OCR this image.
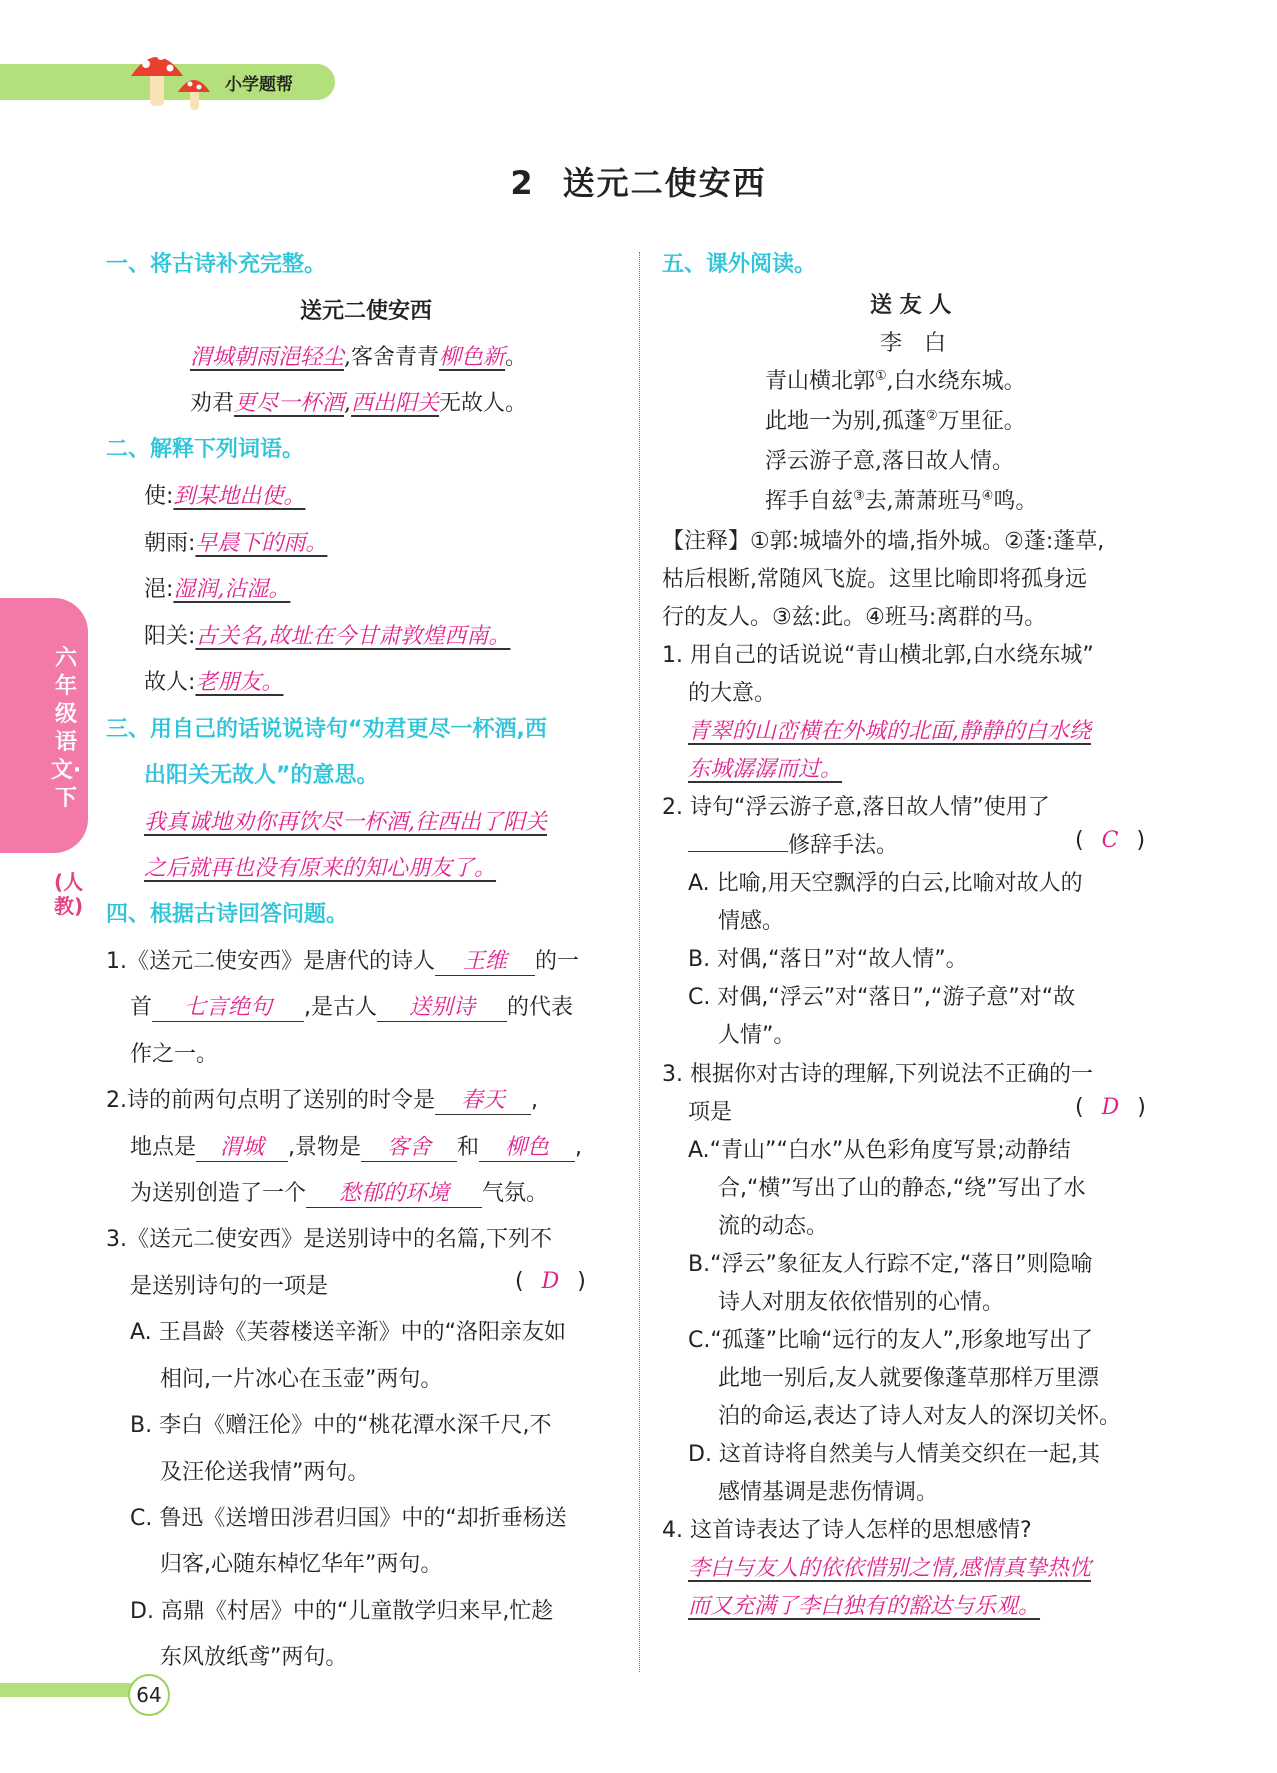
小学题帮
2 送元二使安西
六年级语文·下
(人教)
一、将古诗补充完整。
送元二使安西
渭城朝雨浥轻尘,客舍青青柳色新。
劝君更尽一杯酒,西出阳关无故人。
二、解释下列词语。
使:到某地出使。
朝雨:早晨下的雨。
浥:湿润,沾湿。
阳关:古关名,故址在今甘肃敦煌西南。
故人:老朋友。
三、用自己的话说说诗句“劝君更尽一杯酒,西
出阳关无故人”的意思。
我真诚地劝你再饮尽一杯酒,往西出了阳关
之后就再也没有原来的知心朋友了。
四、根据古诗回答问题。
1.《送元二使安西》是唐代的诗人 王维 的一
首 七言绝句 ,是古人 送别诗 的代表
作之一。
2.诗的前两句点明了送别的时令是 春天 ,
地点是 渭城 ,景物是 客舍 和 柳色 ,
为送别创造了一个 愁郁的环境 气氛。
3.《送元二使安西》是送别诗中的名篇,下列不
是送别诗句的一项是	( D )
A. 王昌龄《芙蓉楼送辛渐》中的“洛阳亲友如
相问,一片冰心在玉壶”两句。
B. 李白《赠汪伦》中的“桃花潭水深千尺,不
及汪伦送我情”两句。
C. 鲁迅《送增田涉君归国》中的“却折垂杨送
归客,心随东棹忆华年”两句。
D. 高鼎《村居》中的“儿童散学归来早,忙趁
东风放纸鸢”两句。
五、课外阅读。
送 友 人
李　白
青山横北郭①,白水绕东城。
此地一为别,孤蓬②万里征。
浮云游子意,落日故人情。
挥手自兹③去,萧萧班马④鸣。
【注释】①郭:城墙外的墙,指外城。②蓬:蓬草,
枯后根断,常随风飞旋。这里比喻即将孤身远
行的友人。③兹:此。④班马:离群的马。
1. 用自己的话说说“青山横北郭,白水绕东城”
的大意。
青翠的山峦横在外城的北面,静静的白水绕
东城潺潺而过。
2. 诗句“浮云游子意,落日故人情”使用了
修辞手法。	( C )
A. 比喻,用天空飘浮的白云,比喻对故人的
情感。
B. 对偶,“落日”对“故人情”。
C. 对偶,“浮云”对“落日”,“游子意”对“故
人情”。
3. 根据你对古诗的理解,下列说法不正确的一
项是	( D )
A.“青山”“白水”从色彩角度写景;动静结
合,“横”写出了山的静态,“绕”写出了水
流的动态。
B.“浮云”象征友人行踪不定,“落日”则隐喻
诗人对朋友依依惜别的心情。
C.“孤蓬”比喻“远行的友人”,形象地写出了
此地一别后,友人就要像蓬草那样万里漂
泊的命运,表达了诗人对友人的深切关怀。
D. 这首诗将自然美与人情美交织在一起,其
感情基调是悲伤情调。
4. 这首诗表达了诗人怎样的思想感情?
李白与友人的依依惜别之情,感情真挚热忱
而又充满了李白独有的豁达与乐观。
64
